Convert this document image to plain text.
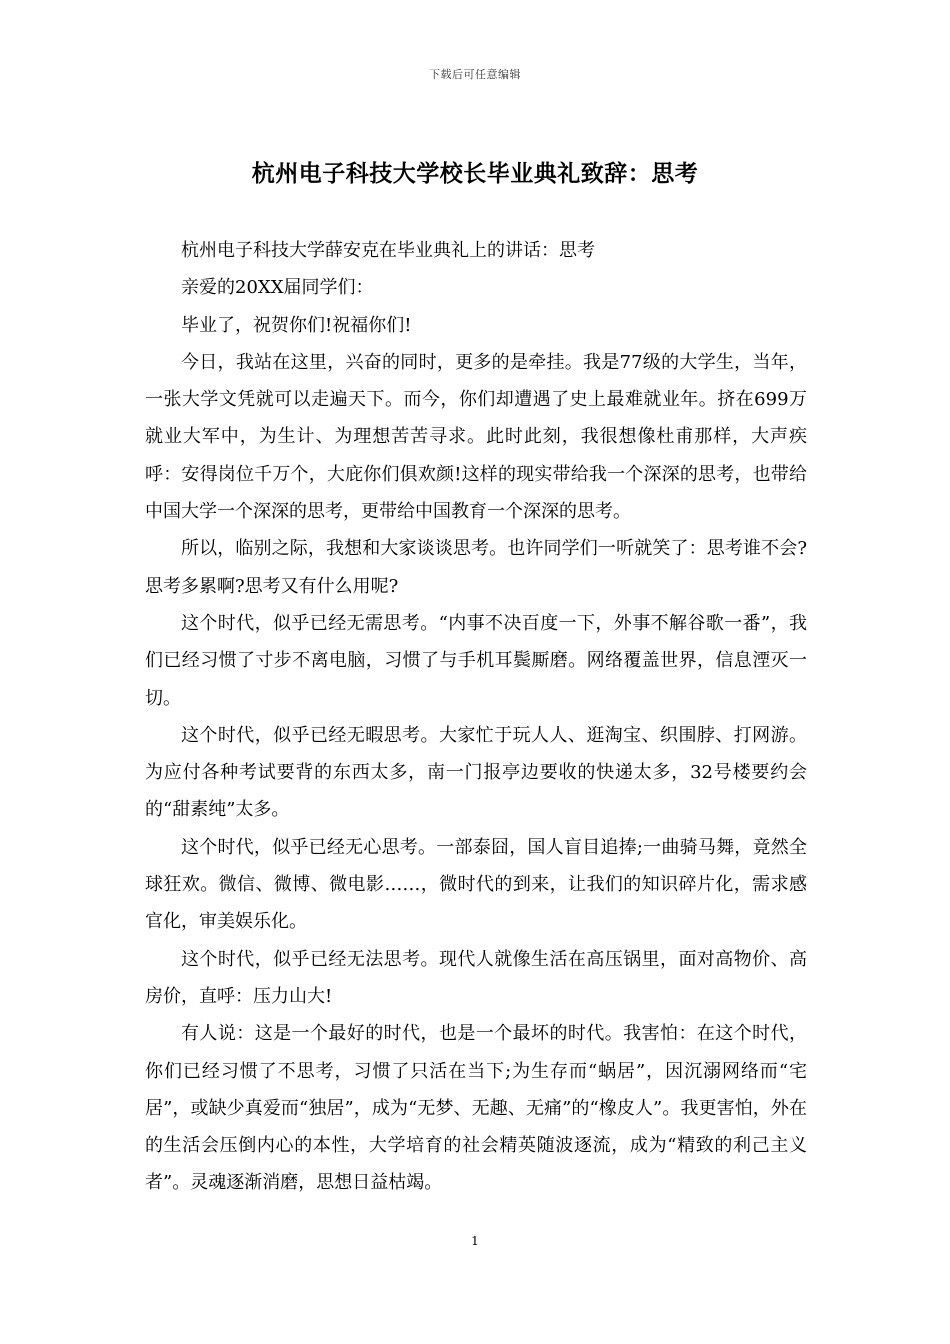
下载后可任意编辑
杭州电子科技大学校长毕业典礼致辞：思考

杭州电子科技大学薛安克在毕业典礼上的讲话：思考

亲爱的20XX届同学们：

毕业了，祝贺你们!祝福你们!

今日，我站在这里，兴奋的同时，更多的是牵挂。我是77级的大学生，当年，一张大学文凭就可以走遍天下。而今，你们却遭遇了史上最难就业年。挤在699万就业大军中，为生计、为理想苦苦寻求。此时此刻，我很想像杜甫那样，大声疾呼：安得岗位千万个，大庇你们俱欢颜!这样的现实带给我一个深深的思考，也带给中国大学一个深深的思考，更带给中国教育一个深深的思考。

所以，临别之际，我想和大家谈谈思考。也许同学们一听就笑了：思考谁不会?思考多累啊?思考又有什么用呢?

这个时代，似乎已经无需思考。“内事不决百度一下，外事不解谷歌一番”，我们已经习惯了寸步不离电脑，习惯了与手机耳鬓厮磨。网络覆盖世界，信息湮灭一切。

这个时代，似乎已经无暇思考。大家忙于玩人人、逛淘宝、织围脖、打网游。为应付各种考试要背的东西太多，南一门报亭边要收的快递太多，32号楼要约会的“甜素纯”太多。

这个时代，似乎已经无心思考。一部泰囧，国人盲目追捧;一曲骑马舞，竟然全球狂欢。微信、微博、微电影……，微时代的到来，让我们的知识碎片化，需求感官化，审美娱乐化。

这个时代，似乎已经无法思考。现代人就像生活在高压锅里，面对高物价、高房价，直呼：压力山大!

有人说：这是一个最好的时代，也是一个最坏的时代。我害怕：在这个时代，你们已经习惯了不思考，习惯了只活在当下;为生存而“蜗居”，因沉溺网络而“宅居”，或缺少真爱而“独居”，成为“无梦、无趣、无痛”的“橡皮人”。我更害怕，外在的生活会压倒内心的本性，大学培育的社会精英随波逐流，成为“精致的利己主义者”。灵魂逐渐消磨，思想日益枯竭。

1
